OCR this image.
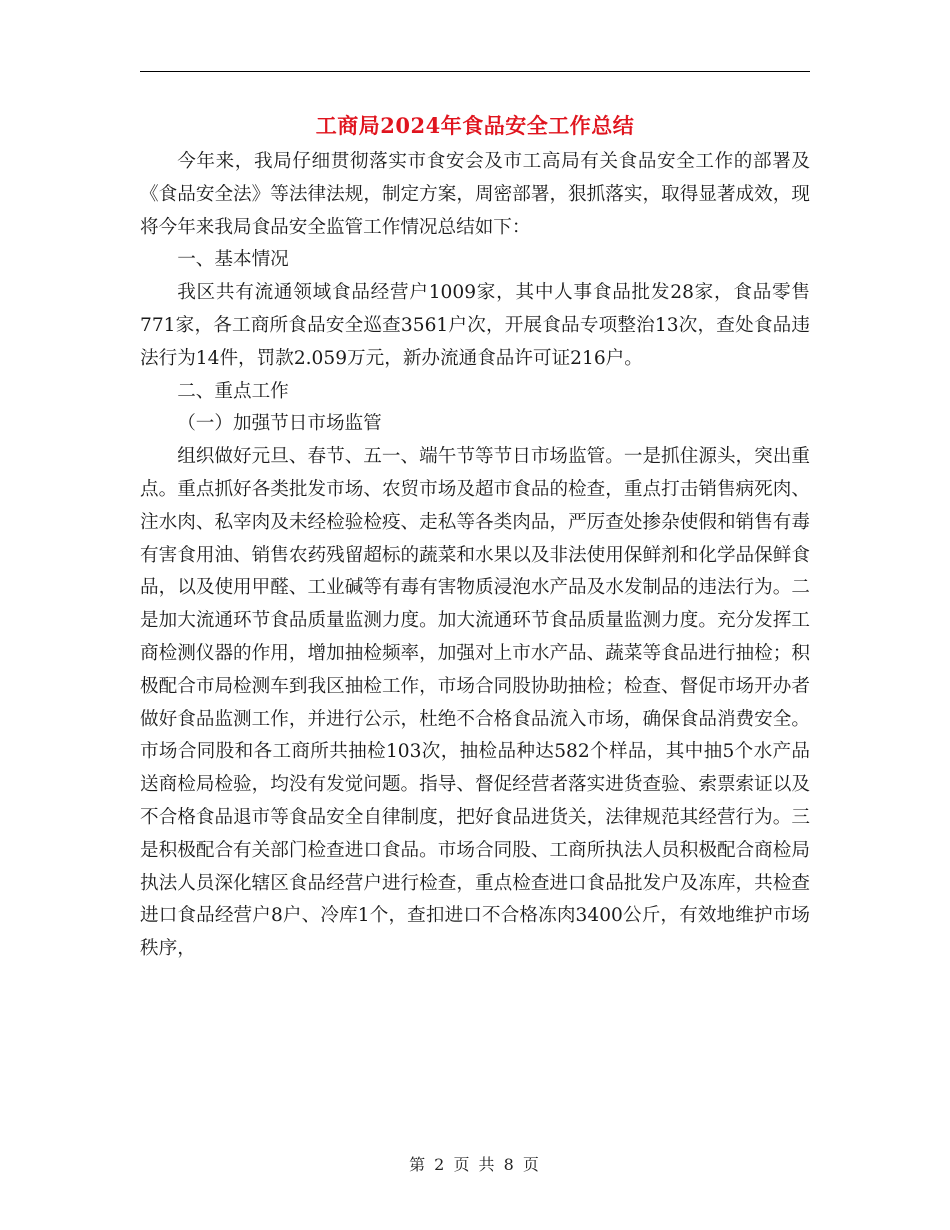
工商局2024年食品安全工作总结

今年来，我局仔细贯彻落实市食安会及市工高局有关食品安全工作的部署及《食品安全法》等法律法规，制定方案，周密部署，狠抓落实，取得显著成效，现将今年来我局食品安全监管工作情况总结如下：

一、基本情况

我区共有流通领域食品经营户1009家，其中人事食品批发28家，食品零售771家，各工商所食品安全巡查3561户次，开展食品专项整治13次，查处食品违法行为14件，罚款2.059万元，新办流通食品许可证216户。

二、重点工作

（一）加强节日市场监管

组织做好元旦、春节、五一、端午节等节日市场监管。一是抓住源头，突出重点。重点抓好各类批发市场、农贸市场及超市食品的检查，重点打击销售病死肉、注水肉、私宰肉及未经检验检疫、走私等各类肉品，严厉查处掺杂使假和销售有毒有害食用油、销售农药残留超标的蔬菜和水果以及非法使用保鲜剂和化学品保鲜食品，以及使用甲醛、工业碱等有毒有害物质浸泡水产品及水发制品的违法行为。二是加大流通环节食品质量监测力度。加大流通环节食品质量监测力度。充分发挥工商检测仪器的作用，增加抽检频率，加强对上市水产品、蔬菜等食品进行抽检；积极配合市局检测车到我区抽检工作，市场合同股协助抽检；检查、督促市场开办者做好食品监测工作，并进行公示，杜绝不合格食品流入市场，确保食品消费安全。市场合同股和各工商所共抽检103次，抽检品种达582个样品，其中抽5个水产品送商检局检验，均没有发觉问题。指导、督促经营者落实进货查验、索票索证以及不合格食品退市等食品安全自律制度，把好食品进货关，法律规范其经营行为。三是积极配合有关部门检查进口食品。市场合同股、工商所执法人员积极配合商检局执法人员深化辖区食品经营户进行检查，重点检查进口食品批发户及冻库，共检查进口食品经营户8户、冷库1个，查扣进口不合格冻肉3400公斤，有效地维护市场秩序，

第 2 页 共 8 页
